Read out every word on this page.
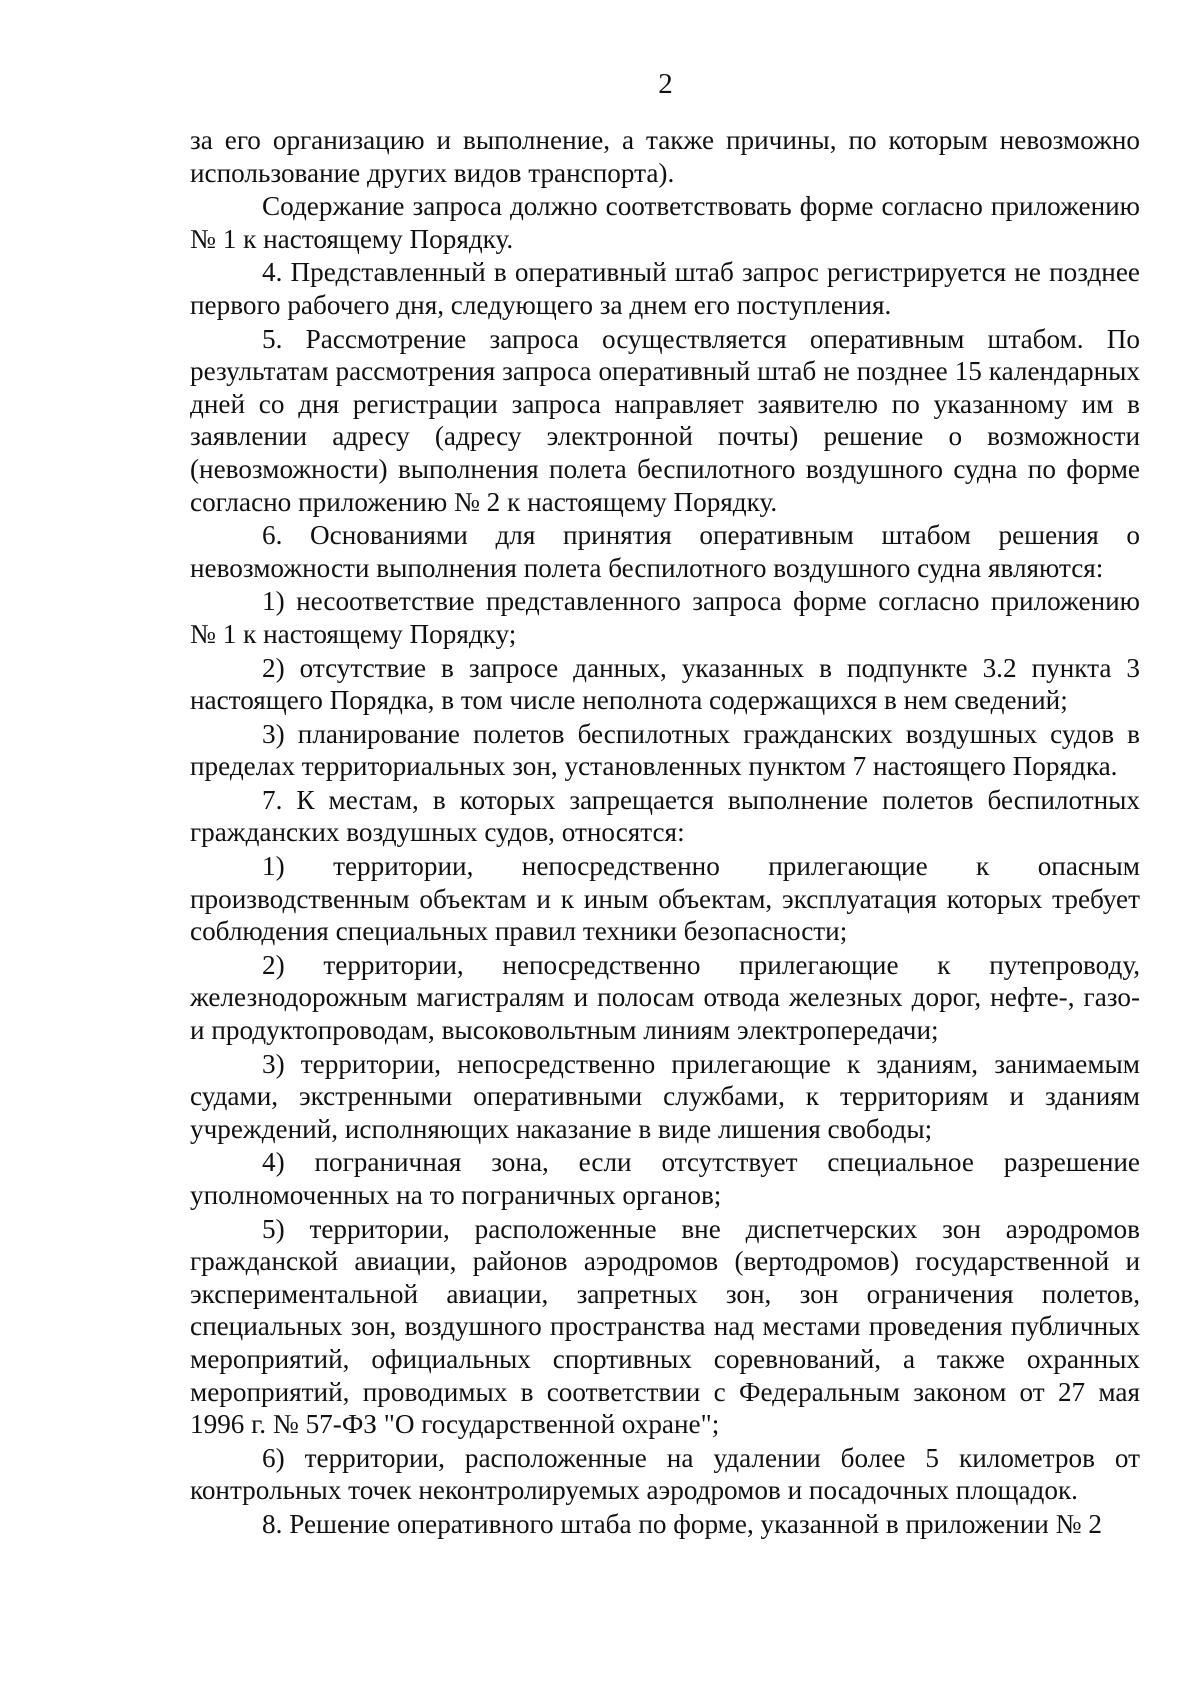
2

за его организацию и выполнение, а также причины, по которым невозможно использование других видов транспорта).

Содержание запроса должно соответствовать форме согласно приложению № 1 к настоящему Порядку.

4. Представленный в оперативный штаб запрос регистрируется не позднее первого рабочего дня, следующего за днем его поступления.

5. Рассмотрение запроса осуществляется оперативным штабом. По результатам рассмотрения запроса оперативный штаб не позднее 15 календарных дней со дня регистрации запроса направляет заявителю по указанному им в заявлении адресу (адресу электронной почты) решение о возможности (невозможности) выполнения полета беспилотного воздушного судна по форме согласно приложению № 2 к настоящему Порядку.

6. Основаниями для принятия оперативным штабом решения о невозможности выполнения полета беспилотного воздушного судна являются:

1) несоответствие представленного запроса форме согласно приложению № 1 к настоящему Порядку;

2) отсутствие в запросе данных, указанных в подпункте 3.2 пункта 3 настоящего Порядка, в том числе неполнота содержащихся в нем сведений;

3) планирование полетов беспилотных гражданских воздушных судов в пределах территориальных зон, установленных пунктом 7 настоящего Порядка.

7. К местам, в которых запрещается выполнение полетов беспилотных гражданских воздушных судов, относятся:

1) территории, непосредственно прилегающие к опасным производственным объектам и к иным объектам, эксплуатация которых требует соблюдения специальных правил техники безопасности;

2) территории, непосредственно прилегающие к путепроводу, железнодорожным магистралям и полосам отвода железных дорог, нефте-, газо- и продуктопроводам, высоковольтным линиям электропередачи;

3) территории, непосредственно прилегающие к зданиям, занимаемым судами, экстренными оперативными службами, к территориям и зданиям учреждений, исполняющих наказание в виде лишения свободы;

4) пограничная зона, если отсутствует специальное разрешение уполномоченных на то пограничных органов;

5) территории, расположенные вне диспетчерских зон аэродромов гражданской авиации, районов аэродромов (вертодромов) государственной и экспериментальной авиации, запретных зон, зон ограничения полетов, специальных зон, воздушного пространства над местами проведения публичных мероприятий, официальных спортивных соревнований, а также охранных мероприятий, проводимых в соответствии с Федеральным законом от 27 мая 1996 г. № 57-ФЗ "О государственной охране";

6) территории, расположенные на удалении более 5 километров от контрольных точек неконтролируемых аэродромов и посадочных площадок.

8. Решение оперативного штаба по форме, указанной в приложении № 2
